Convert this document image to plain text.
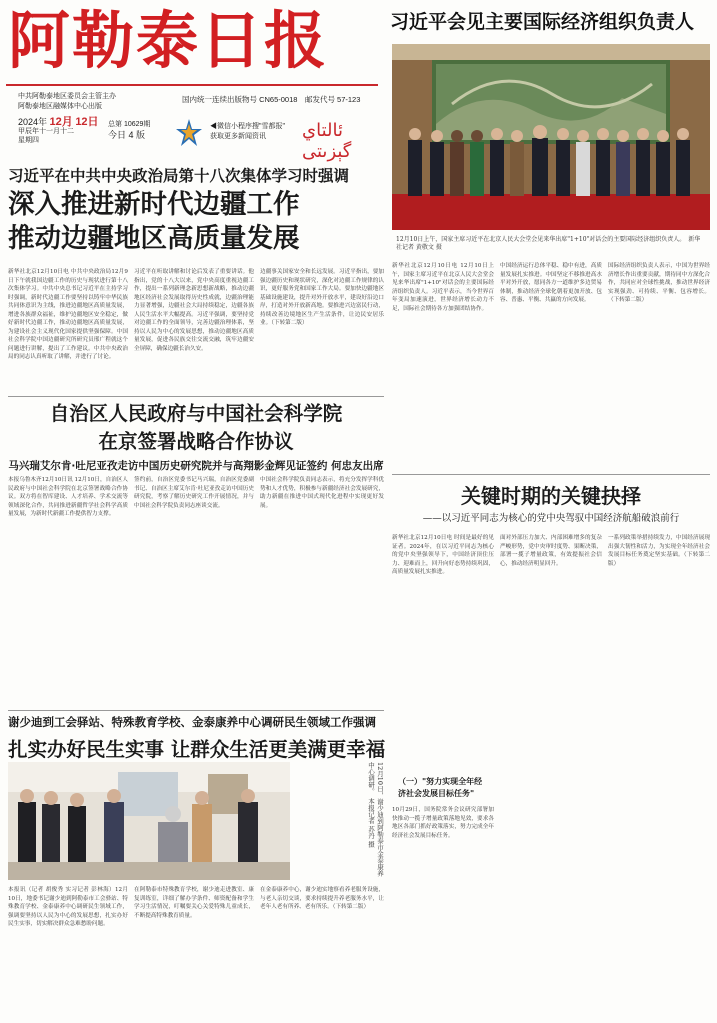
阿勒泰日报
中共阿勒泰地区委员会主管主办
阿勒泰地区融媒体中心出版
国内统一连续出版物号 CN65-0018　邮发代号 57-123
2024年 12月 12日
甲辰年十一月十二
星期四
总第 10629期
今日 4 版
◀微信小程序搜"雪都报"
获取更多新闻资讯	ئالتاي گېزىتى
习近平会见主要国际经济组织负责人
12月10日上午，国家主席习近平在北京人民大会堂会见来华出席"1+10"对话会的主要国际经济组织负责人。　新华社记者 黄敬文 摄
习近平在中共中央政治局第十八次集体学习时强调
深入推进新时代边疆工作
推动边疆地区高质量发展
新华社北京12月10日电 中共中央政治局12月9日下午就我国边疆工作的历史与现状进行第十八次集体学习。中共中央总书记习近平在主持学习时强调，新时代边疆工作要坚持以铸牢中华民族共同体意识为主线，推进边疆地区高质量发展，增进各族群众福祉，维护边疆地区安全稳定，做好新时代边疆工作，推动边疆地区高质量发展，为建设社会主义现代化国家提供坚强保障。中国社会科学院中国边疆研究所研究员邢广程就这个问题进行讲解，提出了工作建议。中共中央政治局的同志认真听取了讲解，并进行了讨论。
习近平在听取讲解和讨论后发表了重要讲话。他指出，党的十八大以来，党中央高度重视边疆工作，提出一系列新理念新思想新战略，推动边疆地区经济社会发展取得历史性成就，边疆治理能力显著增强，边疆社会大局持续稳定，边疆各族人民生活水平大幅提高。习近平强调，要坚持党对边疆工作的全面领导，完善边疆治理体系，坚持以人民为中心的发展思想，推动边疆地区高质量发展，促进各民族交往交流交融，筑牢边疆安全屏障，确保边疆长治久安。
边疆事关国家安全和长远发展。习近平指出，要加强边疆历史和现状研究，深化对边疆工作规律的认识，更好服务党和国家工作大局。要加快边疆地区基础设施建设，提升对外开放水平，建设好沿边口岸，打造对外开放新高地。要推进兴边富民行动，持续改善边境地区生产生活条件，让边民安居乐业。（下转第二版）
新华社北京12月10日电 12月10日上午，国家主席习近平在北京人民大会堂会见来华出席"1+10"对话会的主要国际经济组织负责人。习近平表示，当今世界百年变局加速演进，世界经济增长动力不足，国际社会期待各方加强团结协作。
中国经济运行总体平稳、稳中有进，高质量发展扎实推进。中国坚定不移推进高水平对外开放，愿同各方一道维护多边贸易体制，推动经济全球化朝着更加开放、包容、普惠、平衡、共赢的方向发展。
国际经济组织负责人表示，中国为世界经济增长作出重要贡献，期待同中方深化合作，共同应对全球性挑战，推动世界经济实现强劲、可持续、平衡、包容增长。（下转第二版）
自治区人民政府与中国社会科学院
在京签署战略合作协议
马兴瑞艾尔肯·吐尼亚孜走访中国历史研究院并与高翔影金辉见证签约 何忠友出席
本报乌鲁木齐12月10日讯 12月10日，自治区人民政府与中国社会科学院在北京签署战略合作协议。双方将在智库建设、人才培养、学术交流等领域深化合作，共同推进新疆哲学社会科学高质量发展，为新时代新疆工作提供智力支撑。
签约前，自治区党委书记马兴瑞，自治区党委副书记、自治区主席艾尔肯·吐尼亚孜走访中国历史研究院，考察了解历史研究工作开展情况，并与中国社会科学院负责同志座谈交流。
中国社会科学院负责同志表示，将充分发挥学科优势和人才优势，积极参与新疆经济社会发展研究，助力新疆在推进中国式现代化进程中实现更好发展。
谢少迪到工会驿站、特殊教育学校、金泰康养中心调研民生领域工作强调
扎实办好民生实事 让群众生活更美满更幸福
12月10日，谢少迪到阿勒泰市金泰康养中心调研。　本报记者 苏丹 摄
本报讯（记者 胡俊秀 实习记者 彭林海）12月10日，地委书记谢少迪到阿勒泰市工会驿站、特殊教育学校、金泰康养中心调研民生领域工作，强调要坚持以人民为中心的发展思想，扎实办好民生实事，切实解决群众急难愁盼问题。
在阿勒泰市特殊教育学校，谢少迪走进教室、康复训练室，详细了解办学条件、师资配备和学生学习生活情况，叮嘱要关心关爱特殊儿童成长，不断提高特殊教育质量。
在金泰康养中心，谢少迪实地察看养老服务设施，与老人亲切交谈，要求持续提升养老服务水平，让老年人老有所养、老有所乐。（下转第二版）
关键时期的关键抉择
——以习近平同志为核心的党中央驾驭中国经济航船破浪前行
新华社北京12月10日电 时间是最好的见证者。2024年，在以习近平同志为核心的党中央坚强领导下，中国经济顶住压力、迎难而上，回升向好态势持续巩固，高质量发展扎实推进。
面对外部压力加大、内部困难增多的复杂严峻形势，党中央审时度势、果断决策，部署一揽子增量政策，有效提振社会信心，推动经济明显回升。
一系列政策举措持续发力，中国经济展现出强大韧性和活力，为实现全年经济社会发展目标任务奠定坚实基础。（下转第二版）
（一）"努力实现全年经
济社会发展目标任务"
10月29日，国务院常务会议研究部署加快推动一揽子增量政策落地见效，要求各地区各部门抓好政策落实，努力完成全年经济社会发展目标任务。
